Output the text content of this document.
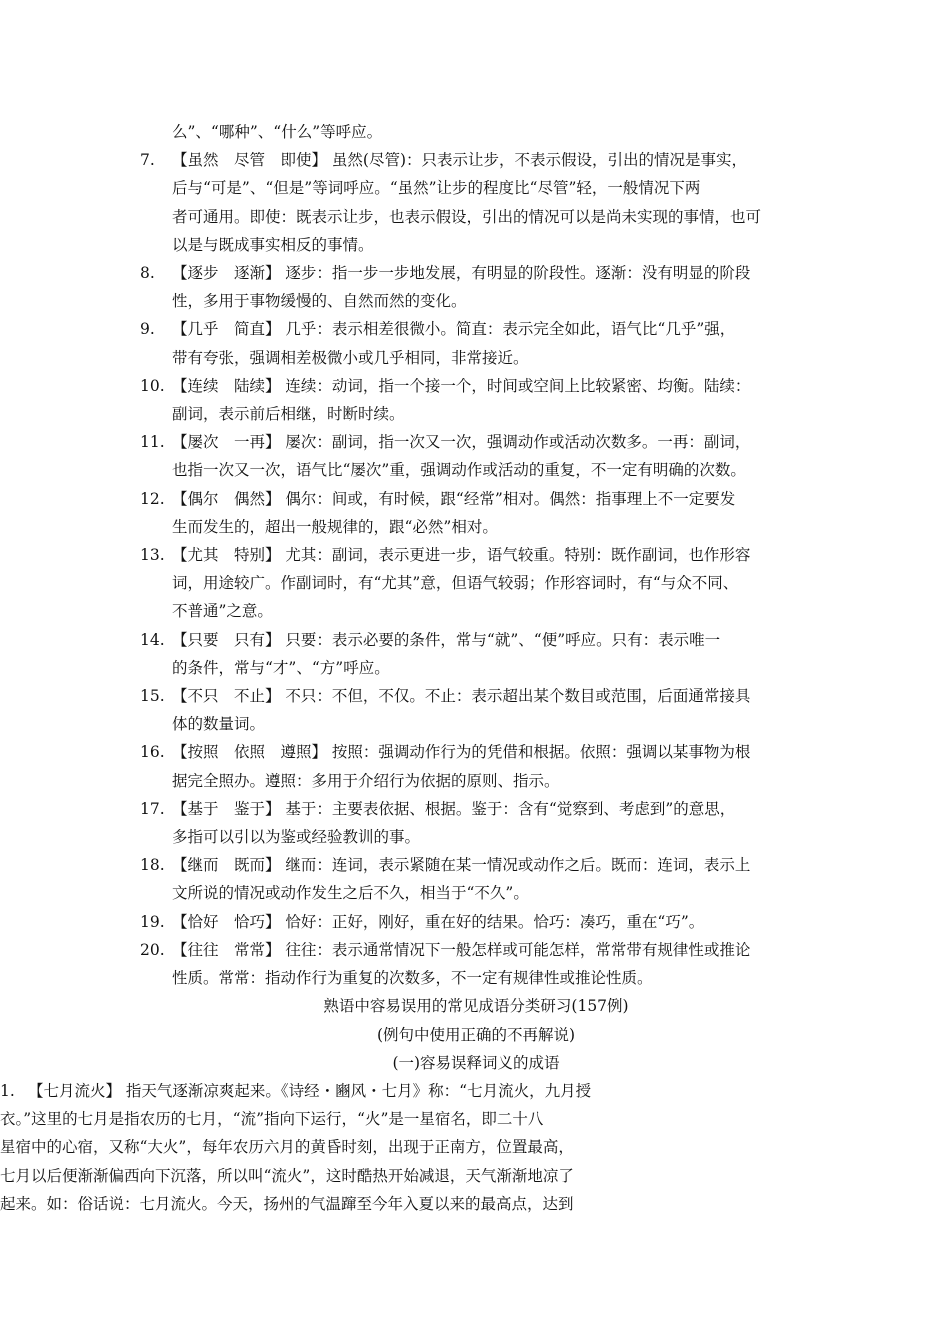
么”、“哪种”、“什么”等呼应。

7. 【虽然　尽管　即使】 虽然(尽管)：只表示让步，不表示假设，引出的情况是事实，

后与“可是”、“但是”等词呼应。“虽然”让步的程度比“尽管”轻，一般情况下两

者可通用。即使：既表示让步，也表示假设，引出的情况可以是尚未实现的事情，也可

以是与既成事实相反的事情。

8. 【逐步　逐渐】 逐步：指一步一步地发展，有明显的阶段性。逐渐：没有明显的阶段

性，多用于事物缓慢的、自然而然的变化。

9. 【几乎　简直】 几乎：表示相差很微小。简直：表示完全如此，语气比“几乎”强，

带有夸张，强调相差极微小或几乎相同，非常接近。

10. 【连续　陆续】 连续：动词，指一个接一个，时间或空间上比较紧密、均衡。陆续：

副词，表示前后相继，时断时续。

11. 【屡次　一再】 屡次：副词，指一次又一次，强调动作或活动次数多。一再：副词，

也指一次又一次，语气比“屡次”重，强调动作或活动的重复，不一定有明确的次数。

12. 【偶尔　偶然】 偶尔：间或，有时候，跟“经常”相对。偶然：指事理上不一定要发

生而发生的，超出一般规律的，跟“必然”相对。

13. 【尤其　特别】 尤其：副词，表示更进一步，语气较重。特别：既作副词，也作形容

词，用途较广。作副词时，有“尤其”意，但语气较弱；作形容词时，有“与众不同、

不普通”之意。

14. 【只要　只有】 只要：表示必要的条件，常与“就”、“便”呼应。只有：表示唯一

的条件，常与“才”、“方”呼应。

15. 【不只　不止】 不只：不但，不仅。不止：表示超出某个数目或范围，后面通常接具

体的数量词。

16. 【按照　依照　遵照】 按照：强调动作行为的凭借和根据。依照：强调以某事物为根

据完全照办。遵照：多用于介绍行为依据的原则、指示。

17. 【基于　鉴于】 基于：主要表依据、根据。鉴于：含有“觉察到、考虑到”的意思，

多指可以引以为鉴或经验教训的事。

18. 【继而　既而】 继而：连词，表示紧随在某一情况或动作之后。既而：连词，表示上

文所说的情况或动作发生之后不久，相当于“不久”。

19. 【恰好　恰巧】 恰好：正好，刚好，重在好的结果。恰巧：凑巧，重在“巧”。

20. 【往往　常常】 往往：表示通常情况下一般怎样或可能怎样，常常带有规律性或推论

性质。常常：指动作行为重复的次数多，不一定有规律性或推论性质。

熟语中容易误用的常见成语分类研习(157例)

(例句中使用正确的不再解说)

(一)容易误释词义的成语

1. 【七月流火】 指天气逐渐凉爽起来。《诗经・豳风・七月》称：“七月流火，九月授

衣。”这里的七月是指农历的七月，“流”指向下运行，“火”是一星宿名，即二十八

星宿中的心宿，又称“大火”，每年农历六月的黄昏时刻，出现于正南方，位置最高，

七月以后便渐渐偏西向下沉落，所以叫“流火”，这时酷热开始减退，天气渐渐地凉了

起来。如：俗话说：七月流火。今天，扬州的气温蹿至今年入夏以来的最高点，达到
